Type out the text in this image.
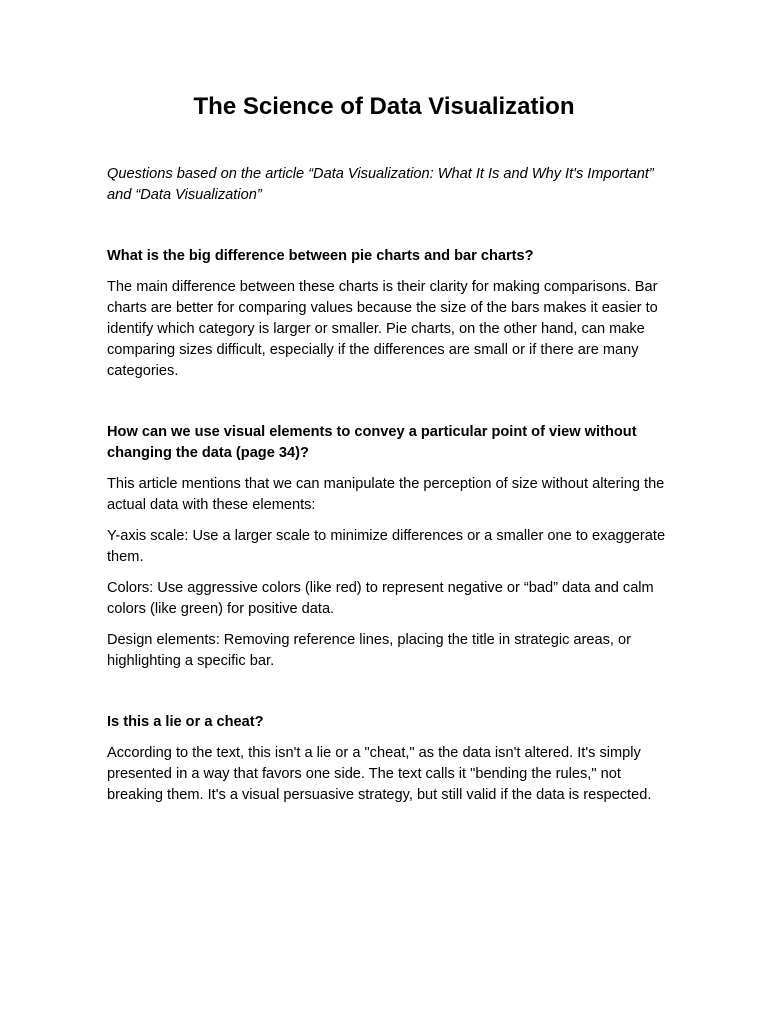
The Science of Data Visualization

Questions based on the article “Data Visualization: What It Is and Why It's Important” and “Data Visualization”

What is the big difference between pie charts and bar charts?

The main difference between these charts is their clarity for making comparisons. Bar charts are better for comparing values because the size of the bars makes it easier to identify which category is larger or smaller. Pie charts, on the other hand, can make comparing sizes difficult, especially if the differences are small or if there are many categories.

How can we use visual elements to convey a particular point of view without changing the data (page 34)?

This article mentions that we can manipulate the perception of size without altering the actual data with these elements:

Y-axis scale: Use a larger scale to minimize differences or a smaller one to exaggerate them.

Colors: Use aggressive colors (like red) to represent negative or “bad” data and calm colors (like green) for positive data.

Design elements: Removing reference lines, placing the title in strategic areas, or highlighting a specific bar.

Is this a lie or a cheat?

According to the text, this isn't a lie or a "cheat," as the data isn't altered. It's simply presented in a way that favors one side. The text calls it "bending the rules," not breaking them. It's a visual persuasive strategy, but still valid if the data is respected.
